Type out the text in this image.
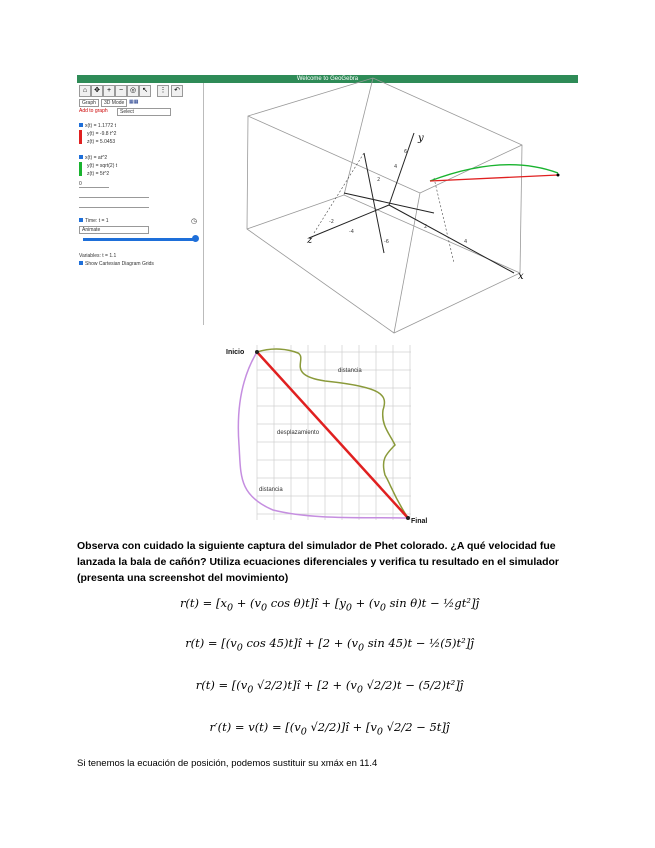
Welcome to GeoGebra
⌂ ✥	+	− ◎ ↖	⋮	↶
Graph	3D Mode ▦▦
Add to graph	Select
x(t) = 1.1772 t
y(t) = -9.8 t^2
z(t) = 5.0453
x(t) = at^2
y(t) = sqrt(2) t
z(t) = 5t^2
0

Time: t = 1
Animate
◷
Variables: t = 1.1
Show Cartesian Diagram Grids
y
z
x
2
4
6
-2
2
4
-4
-6
Inicio
Final
distancia
desplazamiento
distancia
Observa con cuidado la siguiente captura del simulador de Phet colorado. ¿A qué velocidad fue lanzada la bala de cañón? Utiliza ecuaciones diferenciales y verifica tu resultado en el simulador (presenta una screenshot del movimiento)
$r(t) = [x_0 + (v_0$ cos θ)t]î + [$y_0 + (v_0$ sin θ)t − ½gt²]ĵ
$r(t) = [(v_0$ cos 45)t]î + [$2 + (v_0$ sin 45)t − ½(5)t²]ĵ
$r(t) = [(v_0$ √2/2)t]î + [$2 + (v_0$ √2/2)t − (5/2)t²]ĵ
$r'(t) = v(t) = [(v_0$ √2/2)]î + [$v_0$ √2/2 − 5t]ĵ
Si tenemos la ecuación de posición, podemos sustituir su xmáx en 11.4
